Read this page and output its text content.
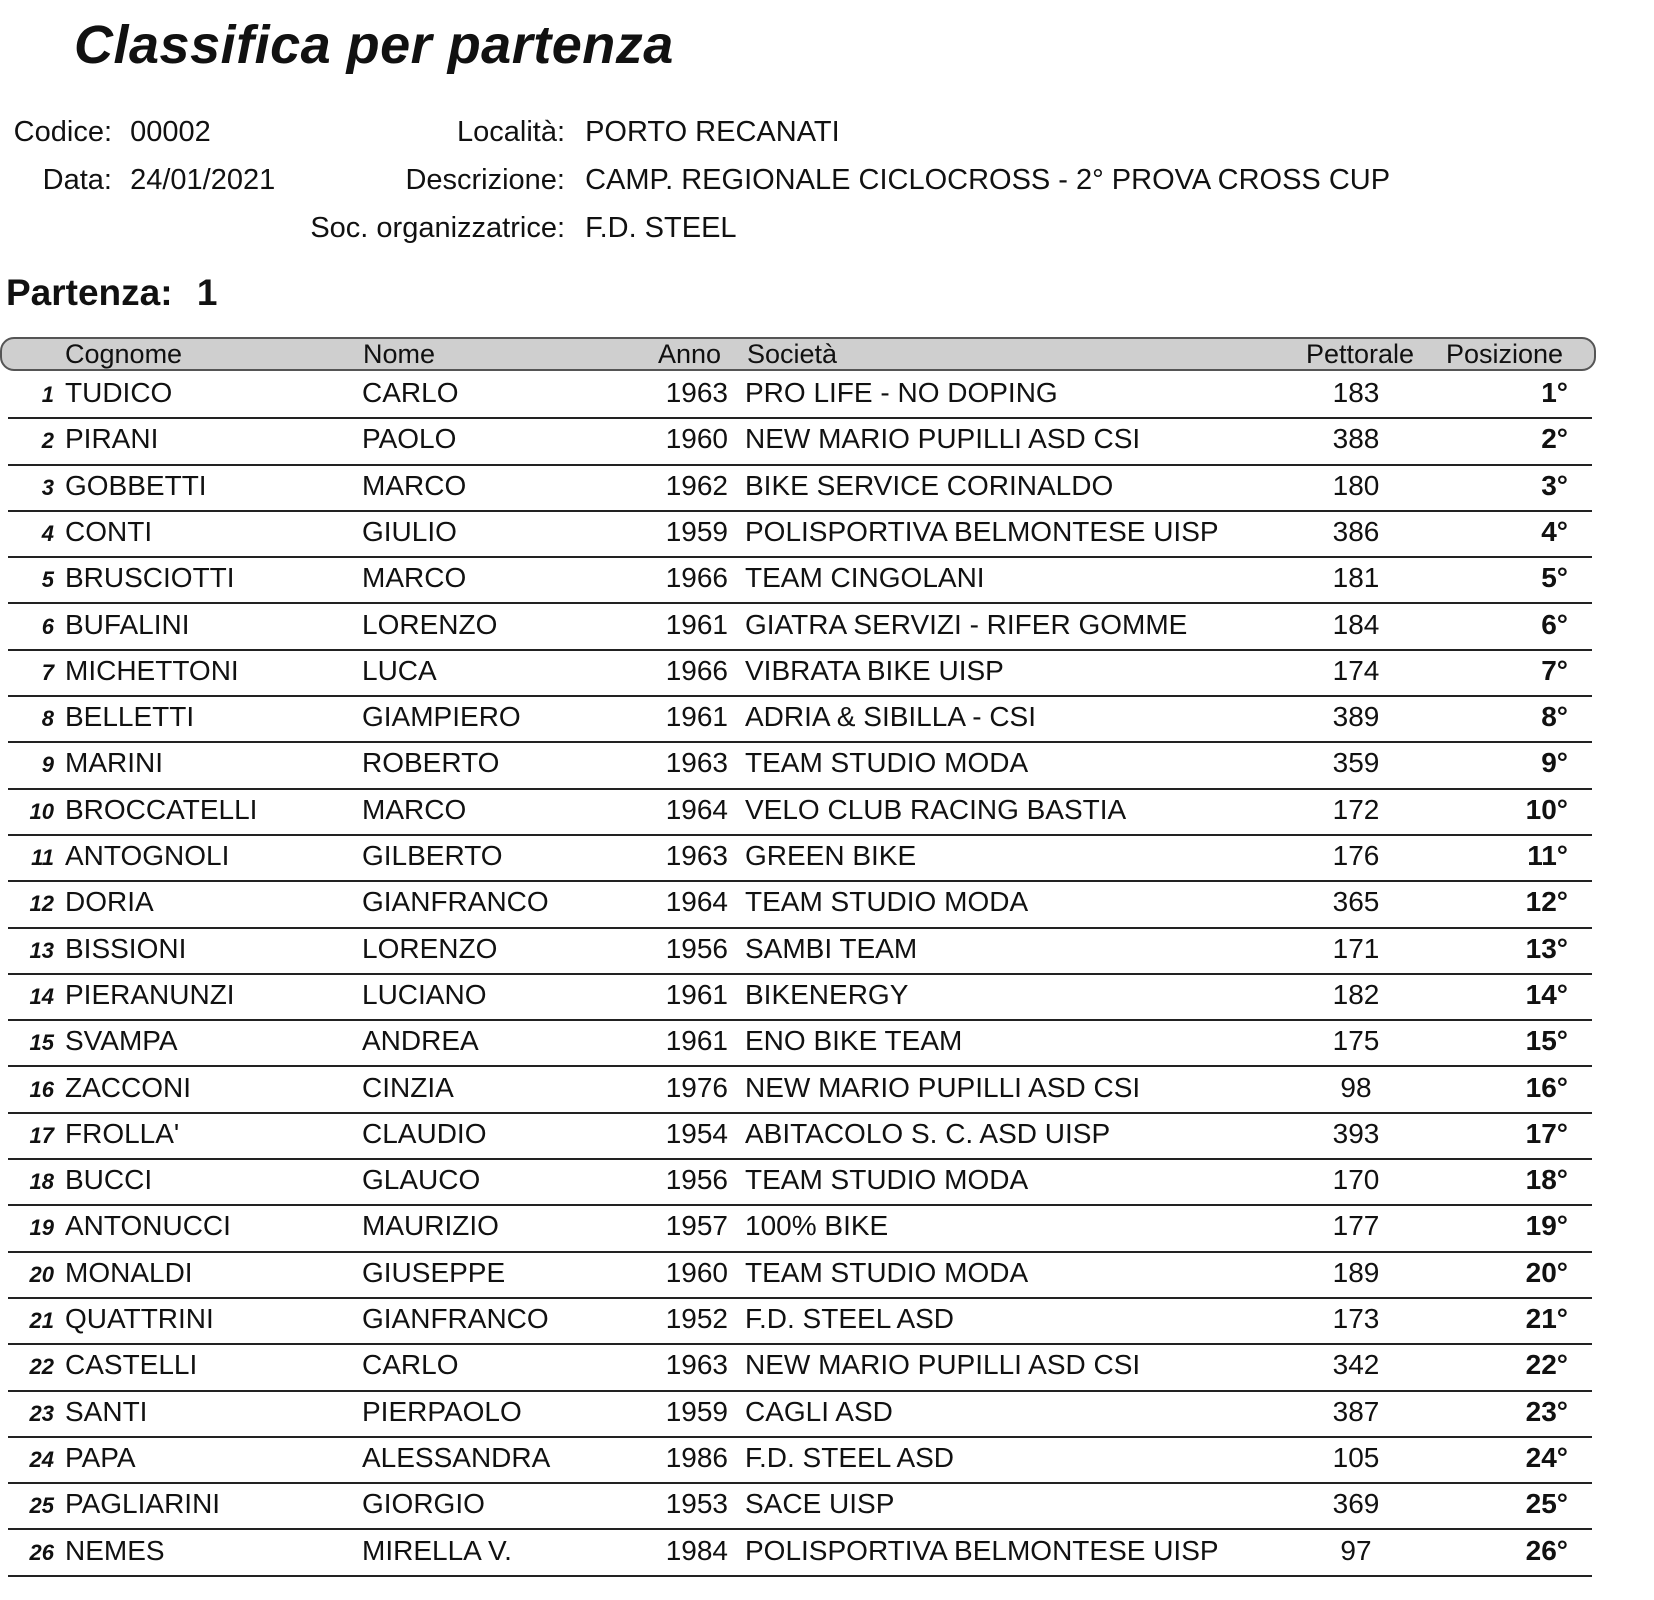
Classifica per partenza
Codice: 00002
Data: 24/01/2021
Località: PORTO RECANATI
Descrizione: CAMP. REGIONALE CICLOCROSS - 2° PROVA CROSS CUP
Soc. organizzatrice: F.D. STEEL
Partenza: 1
Cognome	Nome	Anno Società	Pettorale Posizione
1 TUDICO	CARLO	1963 PRO LIFE - NO DOPING	183	1°
2 PIRANI	PAOLO	1960 NEW MARIO PUPILLI ASD CSI	388	2°
3 GOBBETTI	MARCO	1962 BIKE SERVICE CORINALDO	180	3°
4 CONTI	GIULIO	1959 POLISPORTIVA BELMONTESE UISP	386	4°
5 BRUSCIOTTI	MARCO	1966 TEAM CINGOLANI	181	5°
6 BUFALINI	LORENZO	1961 GIATRA SERVIZI - RIFER GOMME	184	6°
7 MICHETTONI	LUCA	1966 VIBRATA BIKE UISP	174	7°
8 BELLETTI	GIAMPIERO	1961 ADRIA & SIBILLA - CSI	389	8°
9 MARINI	ROBERTO	1963 TEAM STUDIO MODA	359	9°
10 BROCCATELLI	MARCO	1964 VELO CLUB RACING BASTIA	172	10°
11 ANTOGNOLI	GILBERTO	1963 GREEN BIKE	176	11°
12 DORIA	GIANFRANCO	1964 TEAM STUDIO MODA	365	12°
13 BISSIONI	LORENZO	1956 SAMBI TEAM	171	13°
14 PIERANUNZI	LUCIANO	1961 BIKENERGY	182	14°
15 SVAMPA	ANDREA	1961 ENO BIKE TEAM	175	15°
16 ZACCONI	CINZIA	1976 NEW MARIO PUPILLI ASD CSI	98	16°
17 FROLLA'	CLAUDIO	1954 ABITACOLO S. C. ASD UISP	393	17°
18 BUCCI	GLAUCO	1956 TEAM STUDIO MODA	170	18°
19 ANTONUCCI	MAURIZIO	1957 100% BIKE	177	19°
20 MONALDI	GIUSEPPE	1960 TEAM STUDIO MODA	189	20°
21 QUATTRINI	GIANFRANCO	1952 F.D. STEEL ASD	173	21°
22 CASTELLI	CARLO	1963 NEW MARIO PUPILLI ASD CSI	342	22°
23 SANTI	PIERPAOLO	1959 CAGLI ASD	387	23°
24 PAPA	ALESSANDRA	1986 F.D. STEEL ASD	105	24°
25 PAGLIARINI	GIORGIO	1953 SACE UISP	369	25°
26 NEMES	MIRELLA V.	1984 POLISPORTIVA BELMONTESE UISP	97	26°
